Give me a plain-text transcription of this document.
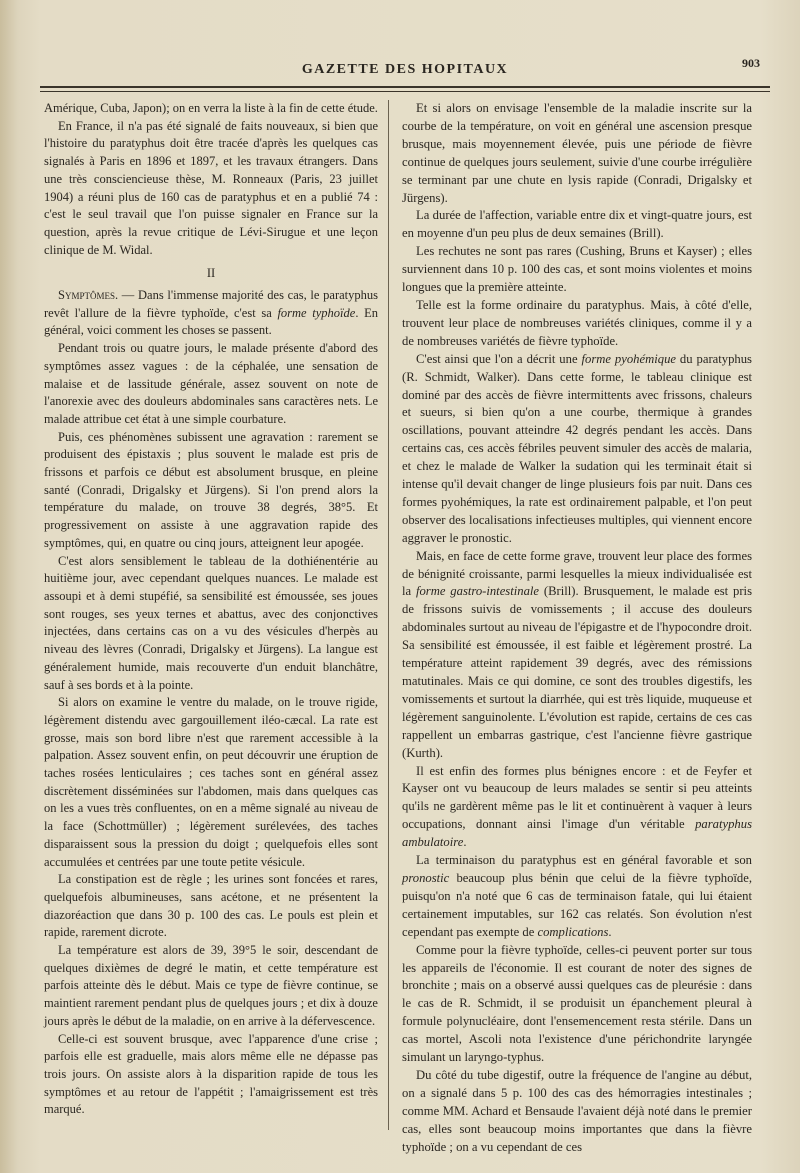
GAZETTE DES HOPITAUX	903

Amérique, Cuba, Japon); on en verra la liste à la fin de cette étude.

En France, il n'a pas été signalé de faits nouveaux, si bien que l'histoire du paratyphus doit être tracée d'après les quelques cas signalés à Paris en 1896 et 1897, et les travaux étrangers. Dans une très consciencieuse thèse, M. Ronneaux (Paris, 23 juillet 1904) a réuni plus de 160 cas de paratyphus et en a publié 74 : c'est le seul travail que l'on puisse signaler en France sur la question, après la revue critique de Lévi-Sirugue et une leçon clinique de M. Widal.

II

Symptômes. — Dans l'immense majorité des cas, le paratyphus revêt l'allure de la fièvre typhoïde, c'est sa forme typhoïde. En général, voici comment les choses se passent.

Pendant trois ou quatre jours, le malade présente d'abord des symptômes assez vagues : de la céphalée, une sensation de malaise et de lassitude générale, assez souvent on note de l'anorexie avec des douleurs abdominales sans caractères nets. Le malade attribue cet état à une simple courbature.

Puis, ces phénomènes subissent une agravation : rarement se produisent des épistaxis ; plus souvent le malade est pris de frissons et parfois ce début est absolument brusque, en pleine santé (Conradi, Drigalsky et Jürgens). Si l'on prend alors la température du malade, on trouve 38 degrés, 38°5. Et progressivement on assiste à une aggravation rapide des symptômes, qui, en quatre ou cinq jours, atteignent leur apogée.

C'est alors sensiblement le tableau de la dothiénentérie au huitième jour, avec cependant quelques nuances. Le malade est assoupi et à demi stupéfié, sa sensibilité est émoussée, ses joues sont rouges, ses yeux ternes et abattus, avec des conjonctives injectées, dans certains cas on a vu des vésicules d'herpès au niveau des lèvres (Conradi, Drigalsky et Jürgens). La langue est généralement humide, mais recouverte d'un enduit blanchâtre, sauf à ses bords et à la pointe.

Si alors on examine le ventre du malade, on le trouve rigide, légèrement distendu avec gargouillement iléo-cæcal. La rate est grosse, mais son bord libre n'est que rarement accessible à la palpation. Assez souvent enfin, on peut découvrir une éruption de taches rosées lenticulaires ; ces taches sont en général assez discrètement disséminées sur l'abdomen, mais dans quelques cas on les a vues très confluentes, on en a même signalé au niveau de la face (Schottmüller) ; légèrement surélevées, des taches disparaissent sous la pression du doigt ; quelquefois elles sont accumulées et centrées par une toute petite vésicule.

La constipation est de règle ; les urines sont foncées et rares, quelquefois albumineuses, sans acétone, et ne présentent la diazoréaction que dans 30 p. 100 des cas. Le pouls est plein et rapide, rarement dicrote.

La température est alors de 39, 39°5 le soir, descendant de quelques dixièmes de degré le matin, et cette température est parfois atteinte dès le début. Mais ce type de fièvre continue, se maintient rarement pendant plus de quelques jours ; et dix à douze jours après le début de la maladie, on en arrive à la défervescence.

Celle-ci est souvent brusque, avec l'apparence d'une crise ; parfois elle est graduelle, mais alors même elle ne dépasse pas trois jours. On assiste alors à la disparition rapide de tous les symptômes et au retour de l'appétit ; l'amaigrissement est très marqué.

Et si alors on envisage l'ensemble de la maladie inscrite sur la courbe de la température, on voit en général une ascension presque brusque, mais moyennement élevée, puis une période de fièvre continue de quelques jours seulement, suivie d'une courbe irrégulière se terminant par une chute en lysis rapide (Conradi, Drigalsky et Jürgens).

La durée de l'affection, variable entre dix et vingt-quatre jours, est en moyenne d'un peu plus de deux semaines (Brill).

Les rechutes ne sont pas rares (Cushing, Bruns et Kayser) ; elles surviennent dans 10 p. 100 des cas, et sont moins violentes et moins longues que la première atteinte.

Telle est la forme ordinaire du paratyphus. Mais, à côté d'elle, trouvent leur place de nombreuses variétés cliniques, comme il y a de nombreuses variétés de fièvre typhoïde.

C'est ainsi que l'on a décrit une forme pyohémique du paratyphus (R. Schmidt, Walker). Dans cette forme, le tableau clinique est dominé par des accès de fièvre intermittents avec frissons, chaleurs et sueurs, si bien qu'on a une courbe, thermique à grandes oscillations, pouvant atteindre 42 degrés pendant les accès. Dans certains cas, ces accès fébriles peuvent simuler des accès de malaria, et chez le malade de Walker la sudation qui les terminait était si intense qu'il devait changer de linge plusieurs fois par nuit. Dans ces formes pyohémiques, la rate est ordinairement palpable, et l'on peut observer des localisations infectieuses multiples, qui viennent encore aggraver le pronostic.

Mais, en face de cette forme grave, trouvent leur place des formes de bénignité croissante, parmi lesquelles la mieux individualisée est la forme gastro-intestinale (Brill). Brusquement, le malade est pris de frissons suivis de vomissements ; il accuse des douleurs abdominales surtout au niveau de l'épigastre et de l'hypocondre droit. Sa sensibilité est émoussée, il est faible et légèrement prostré. La température atteint rapidement 39 degrés, avec des rémissions matutinales. Mais ce qui domine, ce sont des troubles digestifs, les vomissements et surtout la diarrhée, qui est très liquide, muqueuse et légèrement sanguinolente. L'évolution est rapide, certains de ces cas rappellent un embarras gastrique, c'est l'ancienne fièvre gastrique (Kurth).

Il est enfin des formes plus bénignes encore : et de Feyfer et Kayser ont vu beaucoup de leurs malades se sentir si peu atteints qu'ils ne gardèrent même pas le lit et continuèrent à vaquer à leurs occupations, donnant ainsi l'image d'un véritable paratyphus ambulatoire.

La terminaison du paratyphus est en général favorable et son pronostic beaucoup plus bénin que celui de la fièvre typhoïde, puisqu'on n'a noté que 6 cas de terminaison fatale, qui lui étaient certainement imputables, sur 162 cas relatés. Son évolution n'est cependant pas exempte de complications.

Comme pour la fièvre typhoïde, celles-ci peuvent porter sur tous les appareils de l'économie. Il est courant de noter des signes de bronchite ; mais on a observé aussi quelques cas de pleurésie : dans le cas de R. Schmidt, il se produisit un épanchement pleural à formule polynucléaire, dont l'ensemencement resta stérile. Dans un cas mortel, Ascoli nota l'existence d'une périchondrite laryngée simulant un laryngo-typhus.

Du côté du tube digestif, outre la fréquence de l'angine au début, on a signalé dans 5 p. 100 des cas des hémorragies intestinales ; comme MM. Achard et Bensaude l'avaient déjà noté dans le premier cas, elles sont beaucoup moins importantes que dans la fièvre typhoïde ; on a vu cependant de ces
